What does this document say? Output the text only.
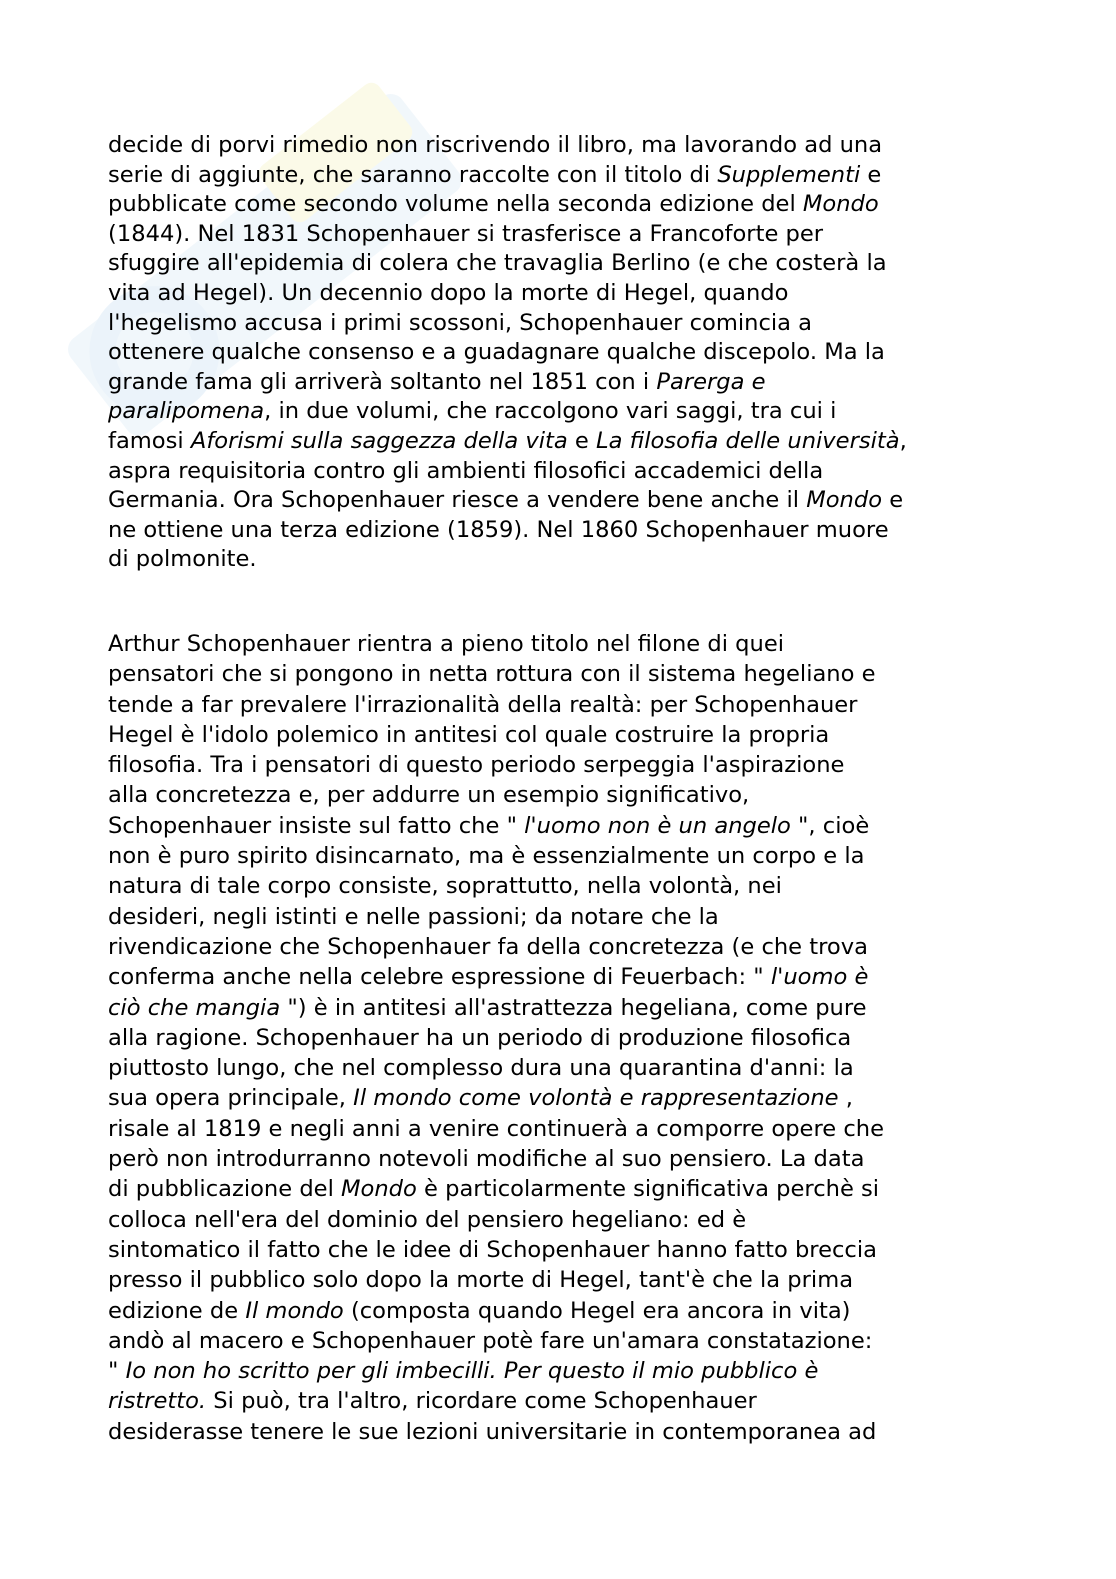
decide di porvi rimedio non riscrivendo il libro, ma lavorando ad una
serie di aggiunte, che saranno raccolte con il titolo di Supplementi e
pubblicate come secondo volume nella seconda edizione del Mondo
(1844). Nel 1831 Schopenhauer si trasferisce a Francoforte per
sfuggire all'epidemia di colera che travaglia Berlino (e che costerà la
vita ad Hegel). Un decennio dopo la morte di Hegel, quando
l'hegelismo accusa i primi scossoni, Schopenhauer comincia a
ottenere qualche consenso e a guadagnare qualche discepolo. Ma la
grande fama gli arriverà soltanto nel 1851 con i Parerga e
paralipomena, in due volumi, che raccolgono vari saggi, tra cui i
famosi Aforismi sulla saggezza della vita e La filosofia delle università,
aspra requisitoria contro gli ambienti filosofici accademici della
Germania. Ora Schopenhauer riesce a vendere bene anche il Mondo e
ne ottiene una terza edizione (1859). Nel 1860 Schopenhauer muore
di polmonite.
Arthur Schopenhauer rientra a pieno titolo nel filone di quei
pensatori che si pongono in netta rottura con il sistema hegeliano e
tende a far prevalere l'irrazionalità della realtà: per Schopenhauer
Hegel è l'idolo polemico in antitesi col quale costruire la propria
filosofia. Tra i pensatori di questo periodo serpeggia l'aspirazione
alla concretezza e, per addurre un esempio significativo,
Schopenhauer insiste sul fatto che " l'uomo non è un angelo ", cioè
non è puro spirito disincarnato, ma è essenzialmente un corpo e la
natura di tale corpo consiste, soprattutto, nella volontà, nei
desideri, negli istinti e nelle passioni; da notare che la
rivendicazione che Schopenhauer fa della concretezza (e che trova
conferma anche nella celebre espressione di Feuerbach: " l'uomo è
ciò che mangia ") è in antitesi all'astrattezza hegeliana, come pure
alla ragione. Schopenhauer ha un periodo di produzione filosofica
piuttosto lungo, che nel complesso dura una quarantina d'anni: la
sua opera principale, Il mondo come volontà e rappresentazione ,
risale al 1819 e negli anni a venire continuerà a comporre opere che
però non introdurranno notevoli modifiche al suo pensiero. La data
di pubblicazione del Mondo è particolarmente significativa perchè si
colloca nell'era del dominio del pensiero hegeliano: ed è
sintomatico il fatto che le idee di Schopenhauer hanno fatto breccia
presso il pubblico solo dopo la morte di Hegel, tant'è che la prima
edizione de Il mondo (composta quando Hegel era ancora in vita)
andò al macero e Schopenhauer potè fare un'amara constatazione:
" Io non ho scritto per gli imbecilli. Per questo il mio pubblico è
ristretto. Si può, tra l'altro, ricordare come Schopenhauer
desiderasse tenere le sue lezioni universitarie in contemporanea ad
